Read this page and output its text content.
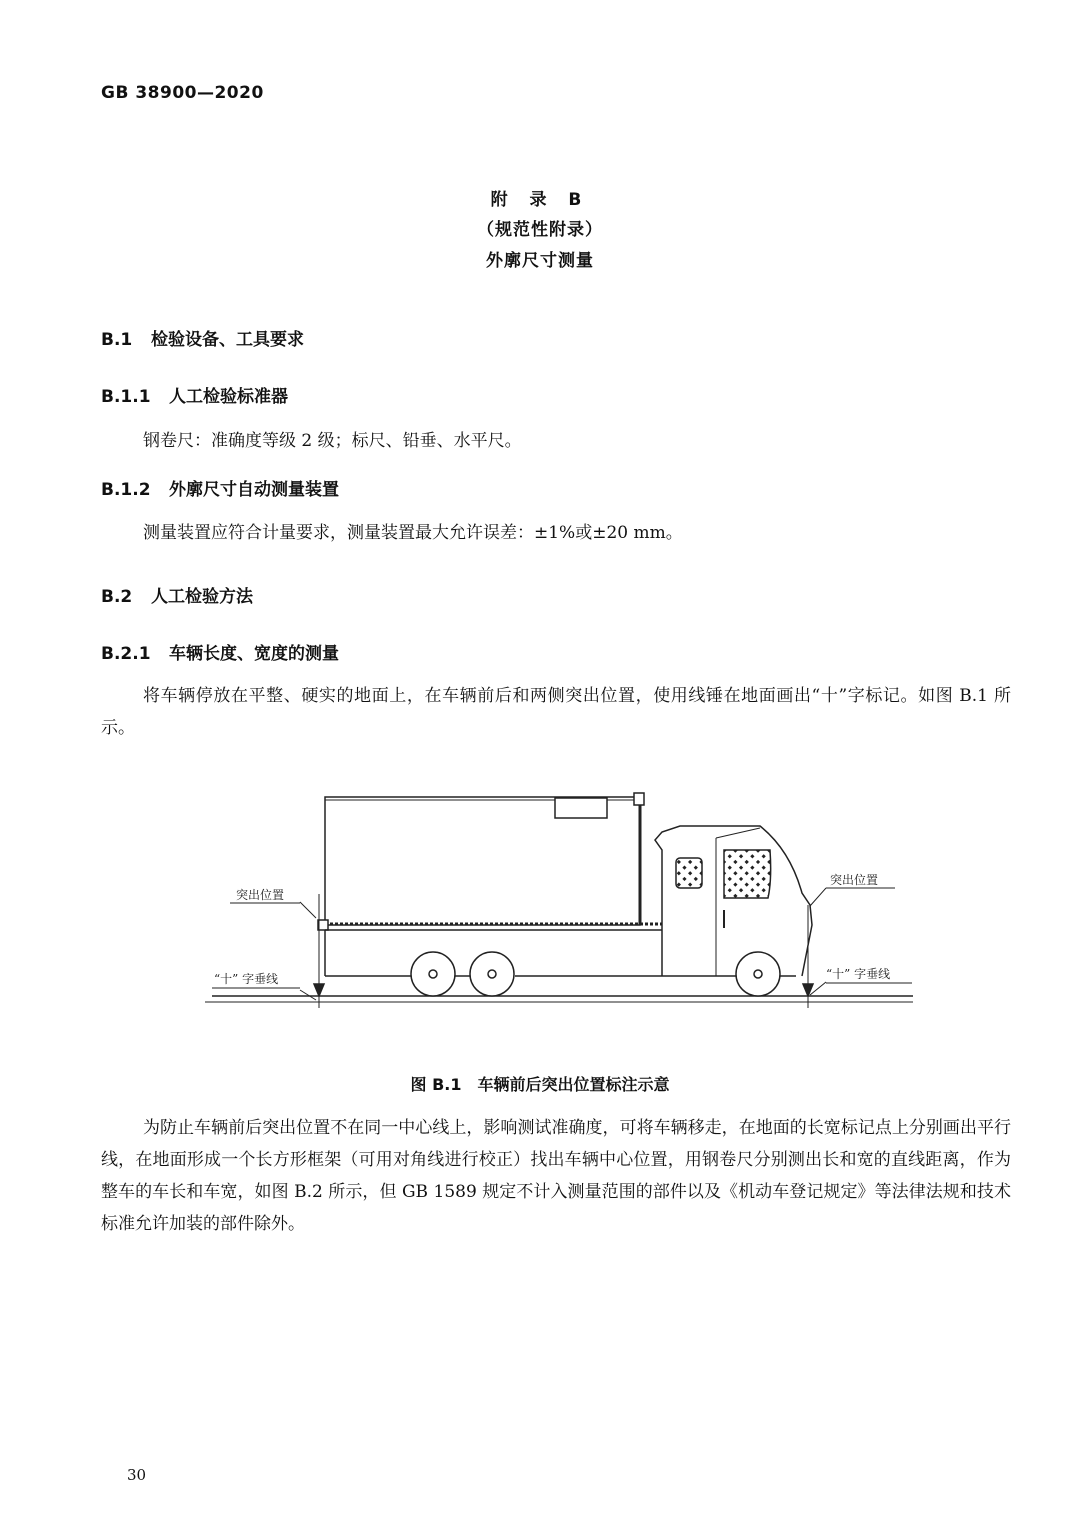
GB 38900—2020
附 录 B
（规范性附录）
外廓尺寸测量
B.1 检验设备、工具要求
B.1.1 人工检验标准器
钢卷尺：准确度等级 2 级；标尺、铅垂、水平尺。
B.1.2 外廓尺寸自动测量装置
测量装置应符合计量要求，测量装置最大允许误差：±1%或±20 mm。
B.2 人工检验方法
B.2.1 车辆长度、宽度的测量
将车辆停放在平整、硬实的地面上，在车辆前后和两侧突出位置，使用线锤在地面画出“十”字标记。如图 B.1 所示。
突出位置
突出位置
“十” 字垂线	“十” 字垂线
图 B.1　车辆前后突出位置标注示意
为防止车辆前后突出位置不在同一中心线上，影响测试准确度，可将车辆移走，在地面的长宽标记点上分别画出平行线，在地面形成一个长方形框架（可用对角线进行校正）找出车辆中心位置，用钢卷尺分别测出长和宽的直线距离，作为整车的车长和车宽，如图 B.2 所示，但 GB 1589 规定不计入测量范围的部件以及《机动车登记规定》等法律法规和技术标准允许加装的部件除外。
30
